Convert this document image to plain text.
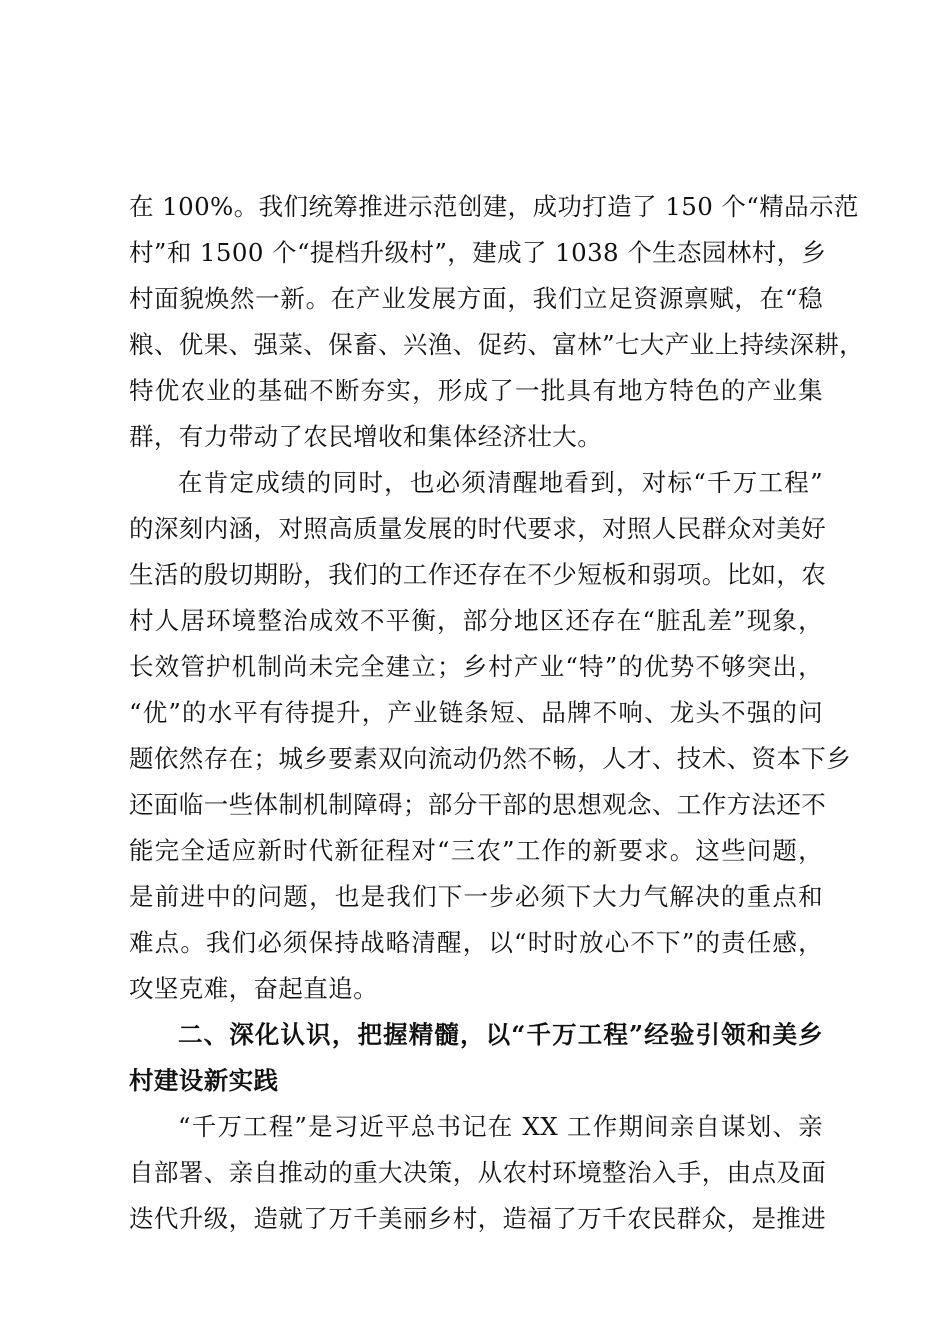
在 100%。我们统筹推进示范创建，成功打造了 150 个“精品示范
村”和 1500 个“提档升级村”，建成了 1038 个生态园林村，乡
村面貌焕然一新。在产业发展方面，我们立足资源禀赋，在“稳
粮、优果、强菜、保畜、兴渔、促药、富林”七大产业上持续深耕，
特优农业的基础不断夯实，形成了一批具有地方特色的产业集
群，有力带动了农民增收和集体经济壮大。
在肯定成绩的同时，也必须清醒地看到，对标“千万工程”
的深刻内涵，对照高质量发展的时代要求，对照人民群众对美好
生活的殷切期盼，我们的工作还存在不少短板和弱项。比如，农
村人居环境整治成效不平衡，部分地区还存在“脏乱差”现象，
长效管护机制尚未完全建立；乡村产业“特”的优势不够突出，
“优”的水平有待提升，产业链条短、品牌不响、龙头不强的问
题依然存在；城乡要素双向流动仍然不畅，人才、技术、资本下乡
还面临一些体制机制障碍；部分干部的思想观念、工作方法还不
能完全适应新时代新征程对“三农”工作的新要求。这些问题，
是前进中的问题，也是我们下一步必须下大力气解决的重点和
难点。我们必须保持战略清醒，以“时时放心不下”的责任感，
攻坚克难，奋起直追。
二、深化认识，把握精髓，以“千万工程”经验引领和美乡
村建设新实践
“千万工程”是习近平总书记在 XX 工作期间亲自谋划、亲
自部署、亲自推动的重大决策，从农村环境整治入手，由点及面
迭代升级，造就了万千美丽乡村，造福了万千农民群众，是推进
